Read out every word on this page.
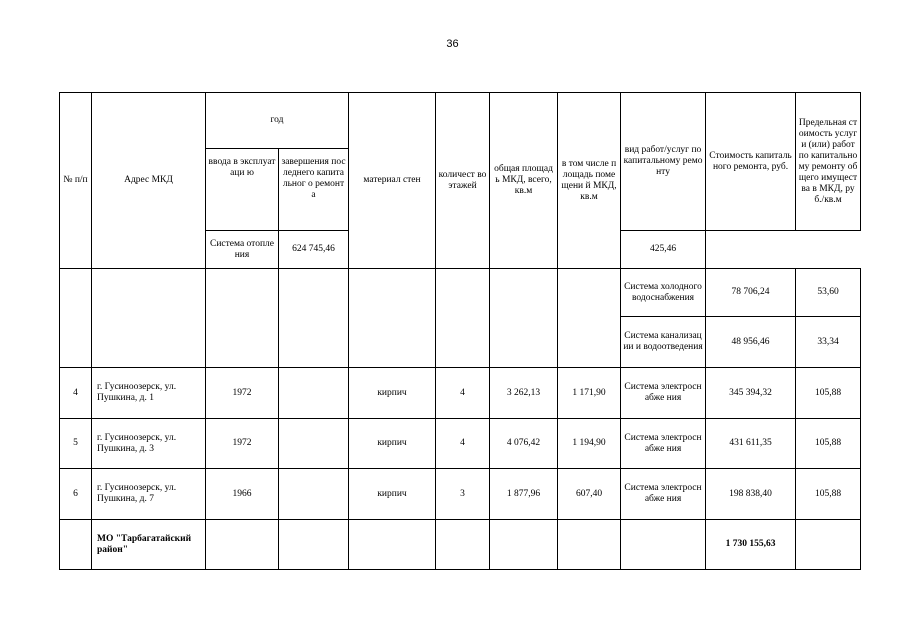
36
№ п/п	Адрес МКД	год		материал стен	количест во этажей	общая площадь МКД, всего, кв.м	в том числе площадь помещени й МКД, кв.м	вид работ/услуг по капитальному ремонту	Стоимость капитального ремонта, руб.	Предельная стоимость услуг и (или) работ по капитально му ремонту общего имущества в МКД, руб./кв.м
		ввода в эксплуатаци ю	завершения последнего капитальног о ремонта							
		Система отопления	624 745,46					425,46		
								Система холодного водоснабжения	78 706,24	53,60
								Система канализации и водоотведения	48 956,46	33,34
4	г. Гусиноозерск, ул. Пушкина, д. 1	1972		кирпич	4	3 262,13	1 171,90	Система электроснабже ния	345 394,32	105,88
5	г. Гусиноозерск, ул. Пушкина, д. 3	1972		кирпич	4	4 076,42	1 194,90	Система электроснабже ния	431 611,35	105,88
6	г. Гусиноозерск, ул. Пушкина, д. 7	1966		кирпич	3	1 877,96	607,40	Система электроснабже ния	198 838,40	105,88
	МО "Тарбагатайский район"								1 730 155,63	
